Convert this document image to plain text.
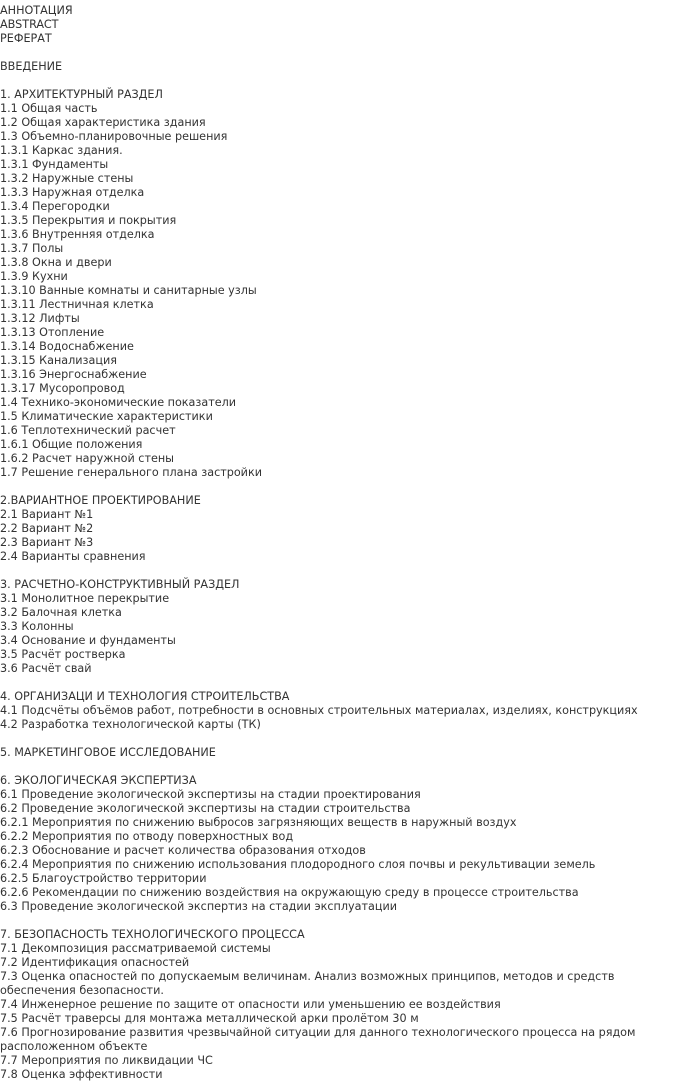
АННОТАЦИЯ
ABSTRACT
РЕФЕРАТ
ВВЕДЕНИЕ
1. АРХИТЕКТУРНЫЙ РАЗДЕЛ
1.1 Общая часть
1.2 Общая характеристика здания
1.3 Объемно-планировочные решения
1.3.1 Каркас здания.
1.3.1 Фундаменты
1.3.2 Наружные стены
1.3.3 Наружная отделка
1.3.4 Перегородки
1.3.5 Перекрытия и покрытия
1.3.6 Внутренняя отделка
1.3.7 Полы
1.3.8 Окна и двери
1.3.9 Кухни
1.3.10 Ванные комнаты и санитарные узлы
1.3.11 Лестничная клетка
1.3.12 Лифты
1.3.13 Отопление
1.3.14 Водоснабжение
1.3.15 Канализация
1.3.16 Энергоснабжение
1.3.17 Мусоропровод
1.4 Технико-экономические показатели
1.5 Климатические характеристики
1.6 Теплотехнический расчет
1.6.1 Общие положения
1.6.2 Расчет наружной стены
1.7 Решение генерального плана застройки
2.ВАРИАНТНОЕ ПРОЕКТИРОВАНИЕ
2.1 Вариант №1
2.2 Вариант №2
2.3 Вариант №3
2.4 Варианты сравнения
3. РАСЧЕТНО-КОНСТРУКТИВНЫЙ РАЗДЕЛ
3.1 Монолитное перекрытие
3.2 Балочная клетка
3.3 Колонны
3.4 Основание и фундаменты
3.5 Расчёт ростверка
3.6 Расчёт свай
4. ОРГАНИЗАЦИ И ТЕХНОЛОГИЯ СТРОИТЕЛЬСТВА
4.1 Подсчёты объёмов работ, потребности в основных строительных материалах, изделиях, конструкциях
4.2 Разработка технологической карты (ТК)
5. МАРКЕТИНГОВОЕ ИССЛЕДОВАНИЕ
6. ЭКОЛОГИЧЕСКАЯ ЭКСПЕРТИЗА
6.1 Проведение экологической экспертизы на стадии проектирования
6.2 Проведение экологической экспертизы на стадии строительства
6.2.1 Мероприятия по снижению выбросов загрязняющих веществ в наружный воздух
6.2.2 Мероприятия по отводу поверхностных вод
6.2.3 Обоснование и расчет количества образования отходов
6.2.4 Мероприятия по снижению использования плодородного слоя почвы и рекультивации земель
6.2.5 Благоустройство территории
6.2.6 Рекомендации по снижению воздействия на окружающую среду в процессе строительства
6.3 Проведение экологической экспертиз на стадии эксплуатации
7. БЕЗОПАСНОСТЬ ТЕХНОЛОГИЧЕСКОГО ПРОЦЕССА
7.1 Декомпозиция рассматриваемой системы
7.2 Идентификация опасностей
7.3 Оценка опасностей по допускаемым величинам. Анализ возможных принципов, методов и средств обеспечения безопасности.
7.4 Инженерное решение по защите от опасности или уменьшению ее воздействия
7.5 Расчёт траверсы для монтажа металлической арки пролётом 30 м
7.6 Прогнозирование развития чрезвычайной ситуации для данного технологического процесса на рядом расположенном объекте
7.7 Мероприятия по ликвидации ЧС
7.8 Оценка эффективности
